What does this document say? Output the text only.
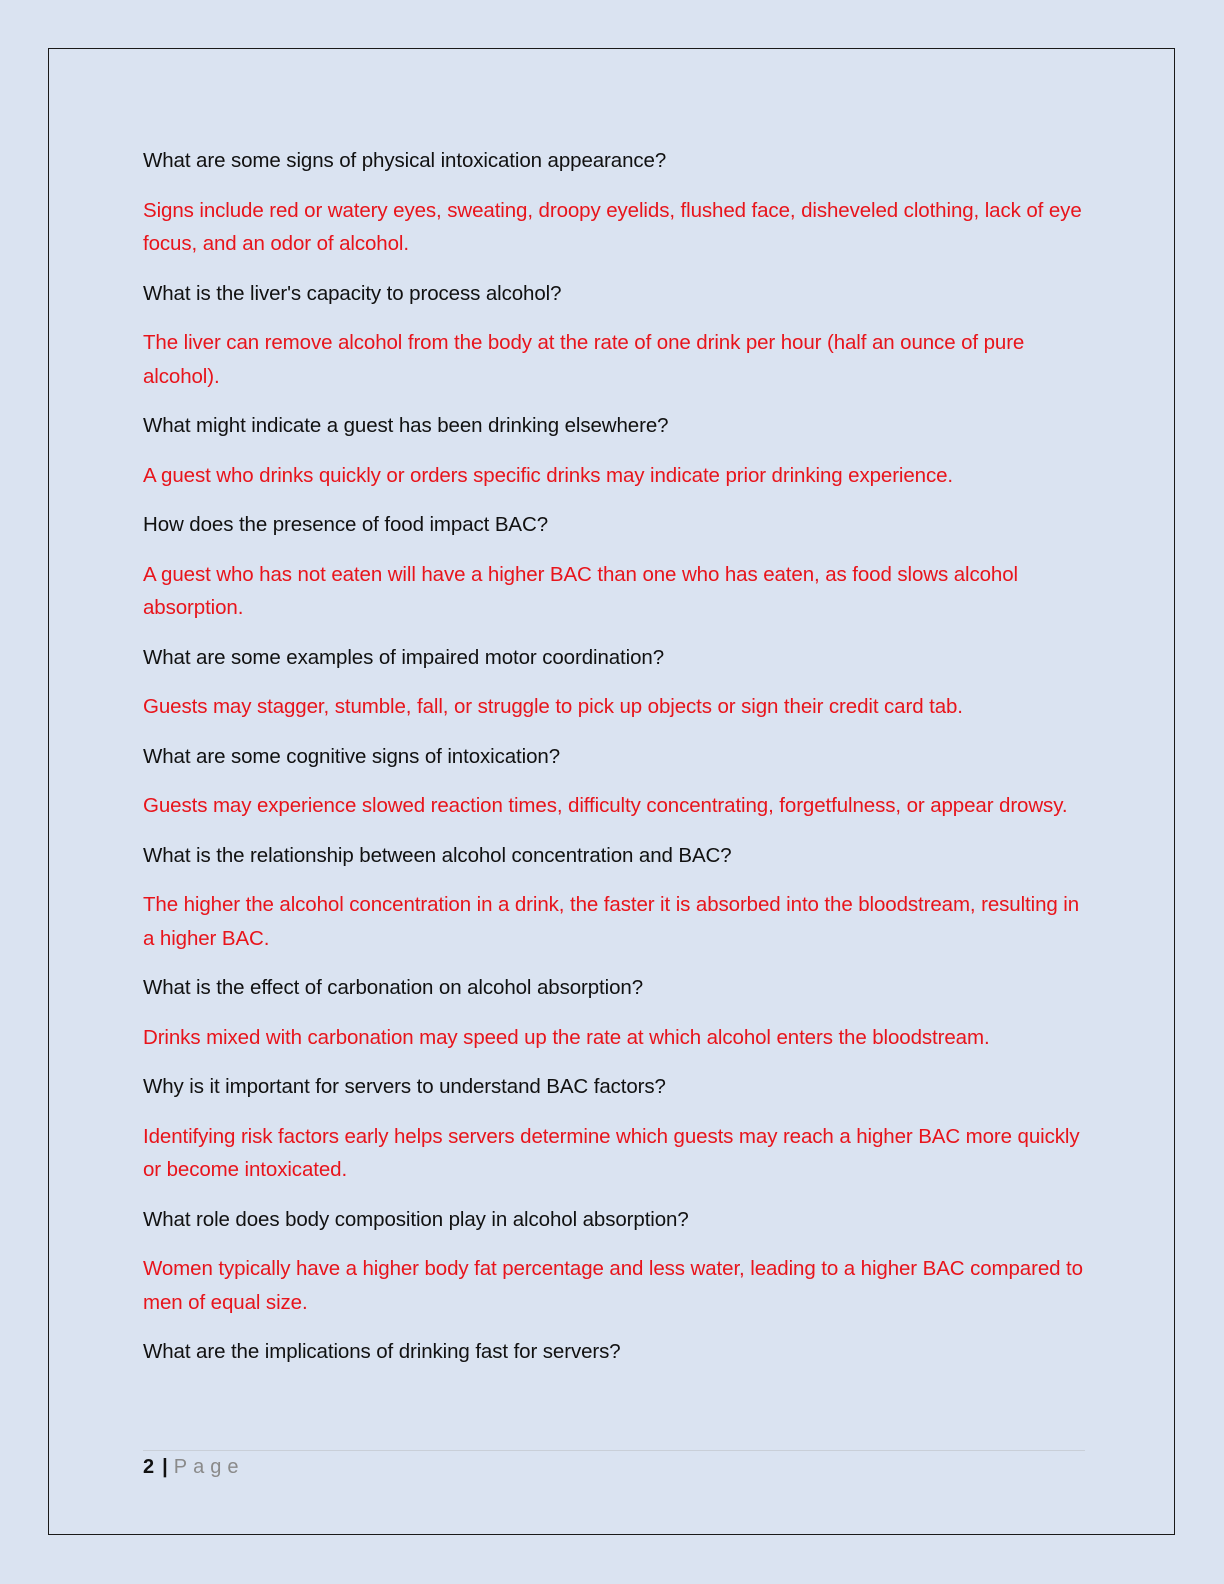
What are some signs of physical intoxication appearance?

Signs include red or watery eyes, sweating, droopy eyelids, flushed face, disheveled clothing, lack of eye focus, and an odor of alcohol.

What is the liver's capacity to process alcohol?

The liver can remove alcohol from the body at the rate of one drink per hour (half an ounce of pure alcohol).

What might indicate a guest has been drinking elsewhere?

A guest who drinks quickly or orders specific drinks may indicate prior drinking experience.

How does the presence of food impact BAC?

A guest who has not eaten will have a higher BAC than one who has eaten, as food slows alcohol absorption.

What are some examples of impaired motor coordination?

Guests may stagger, stumble, fall, or struggle to pick up objects or sign their credit card tab.

What are some cognitive signs of intoxication?

Guests may experience slowed reaction times, difficulty concentrating, forgetfulness, or appear drowsy.

What is the relationship between alcohol concentration and BAC?

The higher the alcohol concentration in a drink, the faster it is absorbed into the bloodstream, resulting in a higher BAC.

What is the effect of carbonation on alcohol absorption?

Drinks mixed with carbonation may speed up the rate at which alcohol enters the bloodstream.

Why is it important for servers to understand BAC factors?

Identifying risk factors early helps servers determine which guests may reach a higher BAC more quickly or become intoxicated.

What role does body composition play in alcohol absorption?

Women typically have a higher body fat percentage and less water, leading to a higher BAC compared to men of equal size.

What are the implications of drinking fast for servers?

2 | Page
